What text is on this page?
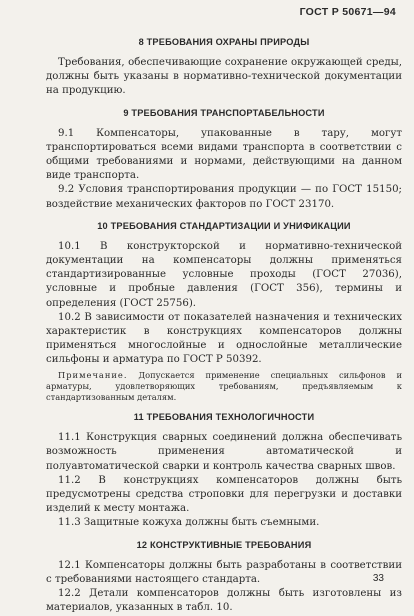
ГОСТ Р 50671—94
8 ТРЕБОВАНИЯ ОХРАНЫ ПРИРОДЫ

Требования, обеспечивающие сохранение окружающей среды, должны быть указаны в нормативно-технической документации на продукцию.

9 ТРЕБОВАНИЯ ТРАНСПОРТАБЕЛЬНОСТИ

9.1 Компенсаторы, упакованные в тару, могут транспортироваться всеми видами транспорта в соответствии с общими требованиями и нормами, действующими на данном виде транспорта.

9.2 Условия транспортирования продукции — по ГОСТ 15150; воздействие механических факторов по ГОСТ 23170.

10 ТРЕБОВАНИЯ СТАНДАРТИЗАЦИИ И УНИФИКАЦИИ

10.1 В конструкторской и нормативно-технической документации на компенсаторы должны применяться стандартизированные условные проходы (ГОСТ 27036), условные и пробные давления (ГОСТ 356), термины и определения (ГОСТ 25756).

10.2 В зависимости от показателей назначения и технических характеристик в конструкциях компенсаторов должны применяться многослойные и однослойные металлические сильфоны и арматура по ГОСТ Р 50392.

Примечание. Допускается применение специальных сильфонов и арматуры, удовлетворяющих требованиям, предъявляемым к стандартизованным деталям.

11 ТРЕБОВАНИЯ ТЕХНОЛОГИЧНОСТИ

11.1 Конструкция сварных соединений должна обеспечивать возможность применения автоматической и полуавтоматической сварки и контроль качества сварных швов.

11.2 В конструкциях компенсаторов должны быть предусмотрены средства строповки для перегрузки и доставки изделий к месту монтажа.

11.3 Защитные кожуха должны быть съемными.

12 КОНСТРУКТИВНЫЕ ТРЕБОВАНИЯ

12.1 Компенсаторы должны быть разработаны в соответствии с требованиями настоящего стандарта.

12.2 Детали компенсаторов должны быть изготовлены из материалов, указанных в табл. 10.

33
